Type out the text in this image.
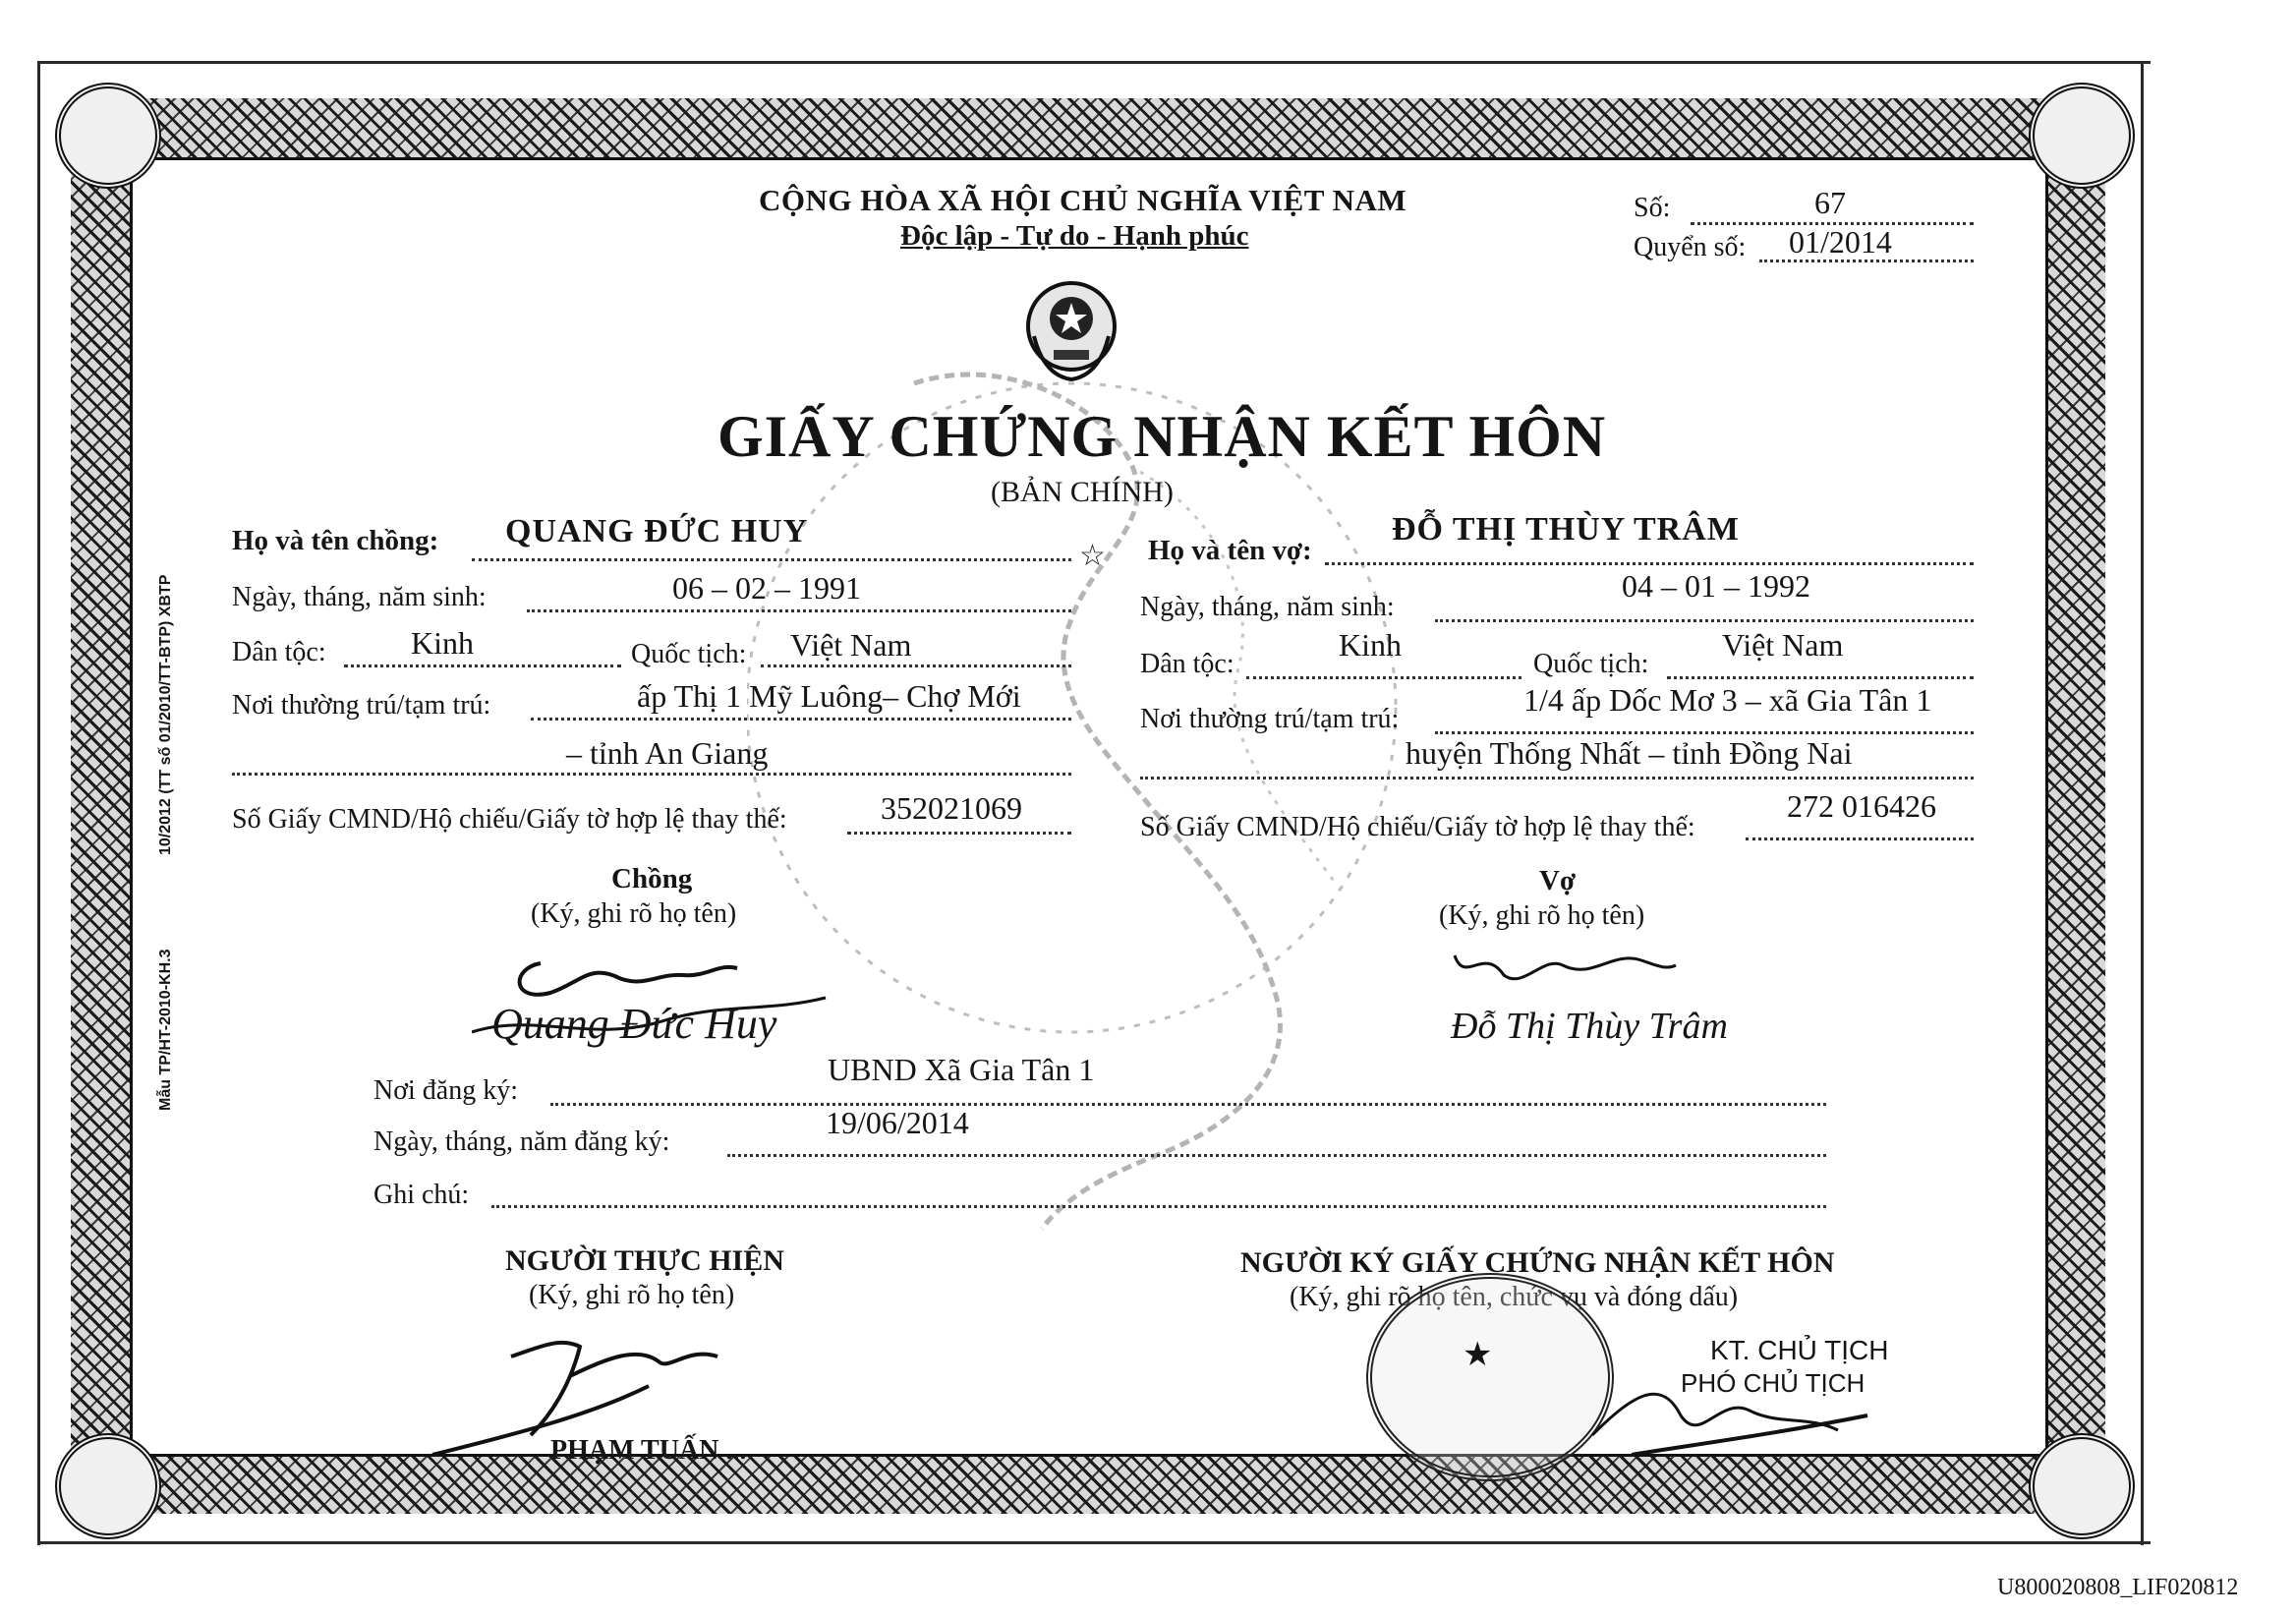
10/2012 (TT số 01/2010/TT-BTP) XBTP
Mẫu TP/HT-2010-KH.3
CỘNG HÒA XÃ HỘI CHỦ NGHĨA VIỆT NAM
Độc lập - Tự do - Hạnh phúc
Số:	67
Quyển số: 01/2014
GIẤY CHỨNG NHẬN KẾT HÔN
(BẢN CHÍNH)
Họ và tên chồng: QUANG ĐỨC HUY
Ngày, tháng, năm sinh:	06 – 02 – 1991
Dân tộc:	Kinh	Quốc tịch: Việt Nam
Nơi thường trú/tạm trú:	ấp Thị 1 Mỹ Luông– Chợ Mới
– tỉnh An Giang
Số Giấy CMND/Hộ chiếu/Giấy tờ hợp lệ thay thế:	352021069
☆ Họ và tên vợ:
ĐỖ THỊ THÙY TRÂM
Ngày, tháng, năm sinh:
04 – 01 – 1992
Dân tộc:
Kinh
Quốc tịch:
Việt Nam
Nơi thường trú/tạm trú:
1/4 ấp Dốc Mơ 3 – xã Gia Tân 1
huyện Thống Nhất – tỉnh Đồng Nai
Số Giấy CMND/Hộ chiếu/Giấy tờ hợp lệ thay thế:
272 016426
Chồng
(Ký, ghi rõ họ tên)
Quang Đức Huy
Vợ
(Ký, ghi rõ họ tên)
Đỗ Thị Thùy Trâm
Nơi đăng ký:
UBND Xã Gia Tân 1
Ngày, tháng, năm đăng ký:
19/06/2014
Ghi chú:
NGƯỜI THỰC HIỆN
(Ký, ghi rõ họ tên)
PHẠM TUẤN ...
NGƯỜI KÝ GIẤY CHỨNG NHẬN KẾT HÔN
(Ký, ghi rõ họ tên, chức vụ và đóng dấu)
★	KT. CHỦ TỊCH
PHÓ CHỦ TỊCH
U800020808_LIF020812
